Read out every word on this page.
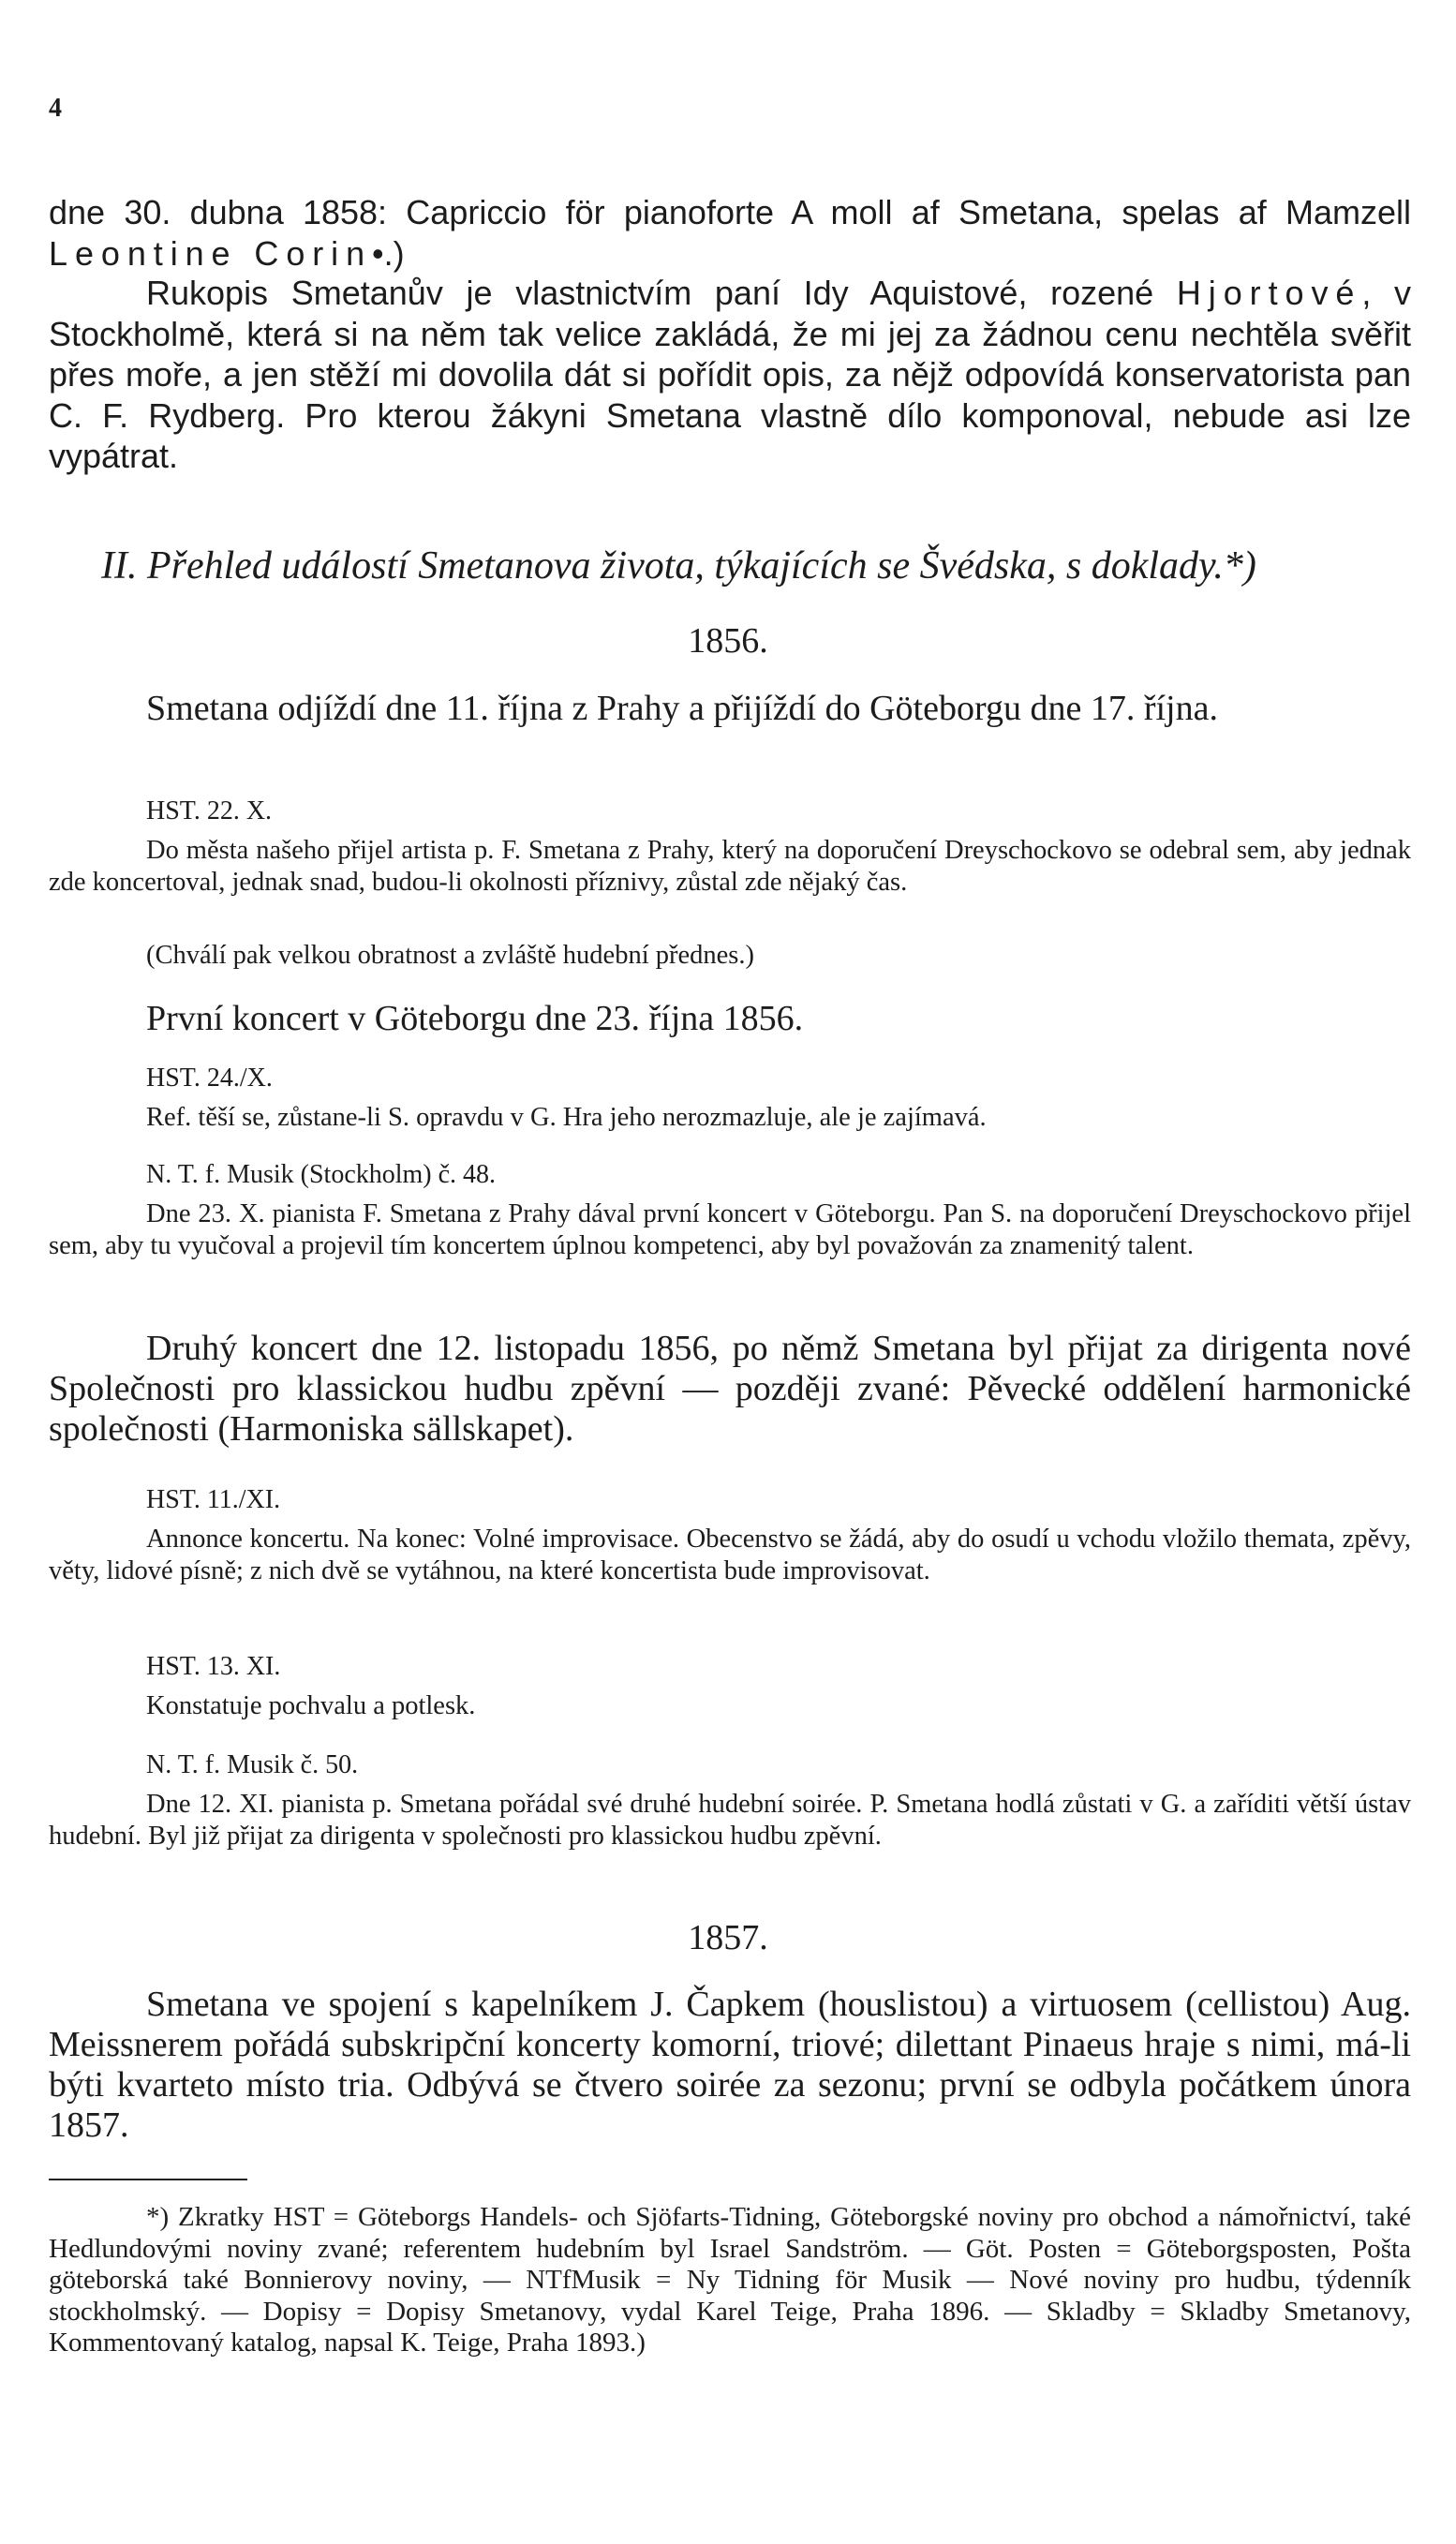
4

dne 30. dubna 1858: Capriccio för pianoforte A moll af Smetana, spelas af Mamzell Leontine Corin•.)

Rukopis Smetanův je vlastnictvím paní Idy Aquistové, rozené Hjortové, v Stockholmě, která si na něm tak velice zakládá, že mi jej za žádnou cenu nechtěla svěřit přes moře, a jen stěží mi dovolila dát si pořídit opis, za nějž odpovídá konservatorista pan C. F. Rydberg. Pro kterou žákyni Smetana vlastně dílo komponoval, nebude asi lze vypátrat.

II. Přehled událostí Smetanova života, týkajících se Švédska, s doklady.*)

1856.

Smetana odjíždí dne 11. října z Prahy a přijíždí do Göteborgu dne 17. října.

HST. 22. X.

Do města našeho přijel artista p. F. Smetana z Prahy, který na doporučení Dreyschockovo se odebral sem, aby jednak zde koncertoval, jednak snad, budou-li okolnosti příznivy, zůstal zde nějaký čas.

(Chválí pak velkou obratnost a zvláště hudební přednes.)

První koncert v Göteborgu dne 23. října 1856.

HST. 24./X.

Ref. těší se, zůstane-li S. opravdu v G. Hra jeho nerozmazluje, ale je zajímavá.

N. T. f. Musik (Stockholm) č. 48.

Dne 23. X. pianista F. Smetana z Prahy dával první koncert v Göteborgu. Pan S. na doporučení Dreyschockovo přijel sem, aby tu vyučoval a projevil tím koncertem úplnou kompetenci, aby byl považován za znamenitý talent.

Druhý koncert dne 12. listopadu 1856, po němž Smetana byl přijat za dirigenta nové Společnosti pro klassickou hudbu zpěvní — později zvané: Pěvecké oddělení harmonické společnosti (Harmoniska sällskapet).

HST. 11./XI.

Annonce koncertu. Na konec: Volné improvisace. Obecenstvo se žádá, aby do osudí u vchodu vložilo themata, zpěvy, věty, lidové písně; z nich dvě se vytáhnou, na které koncertista bude improvisovat.

HST. 13. XI.

Konstatuje pochvalu a potlesk.

N. T. f. Musik č. 50.

Dne 12. XI. pianista p. Smetana pořádal své druhé hudební soirée. P. Smetana hodlá zůstati v G. a zaříditi větší ústav hudební. Byl již přijat za dirigenta v společnosti pro klassickou hudbu zpěvní.

1857.

Smetana ve spojení s kapelníkem J. Čapkem (houslistou) a virtuosem (cellistou) Aug. Meissnerem pořádá subskripční koncerty komorní, triové; dilettant Pinaeus hraje s nimi, má-li býti kvarteto místo tria. Odbývá se čtvero soirée za sezonu; první se odbyla počátkem února 1857.

*) Zkratky HST = Göteborgs Handels- och Sjöfarts-Tidning, Göteborgské noviny pro obchod a námořnictví, také Hedlundovými noviny zvané; referentem hudebním byl Israel Sandström. — Göt. Posten = Göteborgsposten, Pošta göteborská také Bonnierovy noviny, — NTfMusik = Ny Tidning för Musik — Nové noviny pro hudbu, týdenník stockholmský. — Dopisy = Dopisy Smetanovy, vydal Karel Teige, Praha 1896. — Skladby = Skladby Smetanovy, Kommentovaný katalog, napsal K. Teige, Praha 1893.)
